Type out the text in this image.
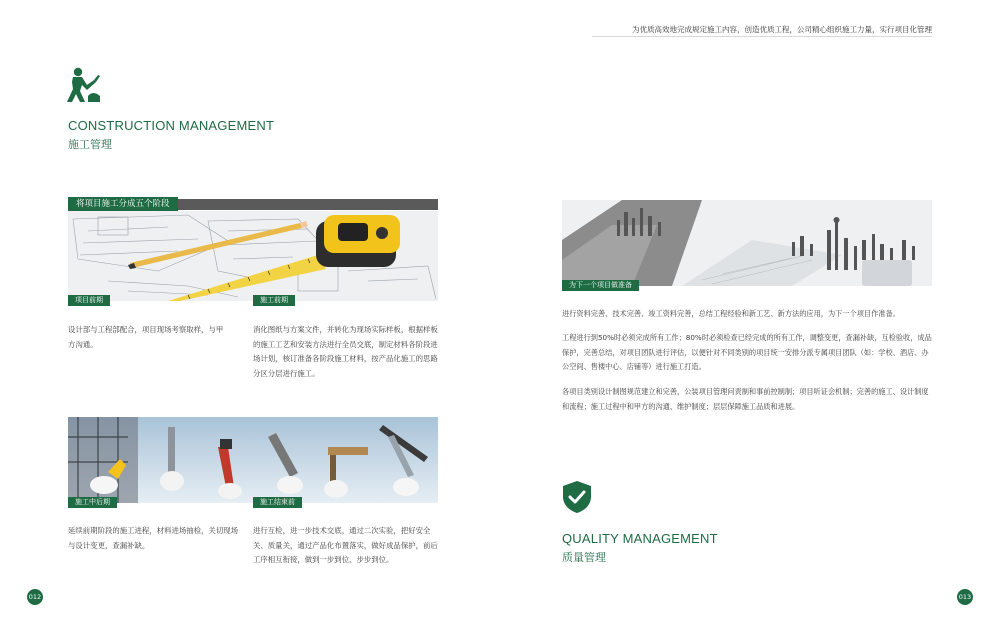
为优质高效地完成规定施工内容，创造优质工程，公司精心组织施工力量，实行项目化管理
CONSTRUCTION MANAGEMENT
施工管理
将项目施工分成五个阶段
项目前期	施工前期
设计部与工程部配合，项目现场考察取样，与甲方沟通。
消化图纸与方案文件，并转化为现场实际样板，根据样板的施工工艺和安装方法进行全员交底，制定材料各阶段进场计划，核订准备各阶段施工材料，按产品化施工的思路分区分层进行施工。
施工中后期	施工结束前
延续前期阶段的施工进程，材料进场抽检，关切现场与设计变更，查漏补缺。
进行互检，进一步技术交底，通过二次实验，把好安全关、质量关，通过产品化布置落实，做好成品保护，前后工序相互衔接，做到一步到位、步步到位。
为下一个项目做准备
进行资料完善、技术完善、竣工资料完善，总结工程经验和新工艺、新方法的应用，为下一个项目作准备。
工程进行到50%时必须完成所有工作；80%时必须检查已经完成的所有工作，调整变更，查漏补缺，互检验收，成品保护，完善总结，对项目团队进行评估，以便针对不同类别的项目统一安排分派专属项目团队（如：学校、酒店、办公空间、售楼中心、店铺等）进行施工打造。
各项目类别设计制图规范建立和完善，公装项目管理问责制和事前控制制；项目听证会机制；完善的施工、设计制度和流程；施工过程中和甲方的沟通、维护制度；层层保障施工品质和进展。
QUALITY MANAGEMENT
质量管理
012	013
